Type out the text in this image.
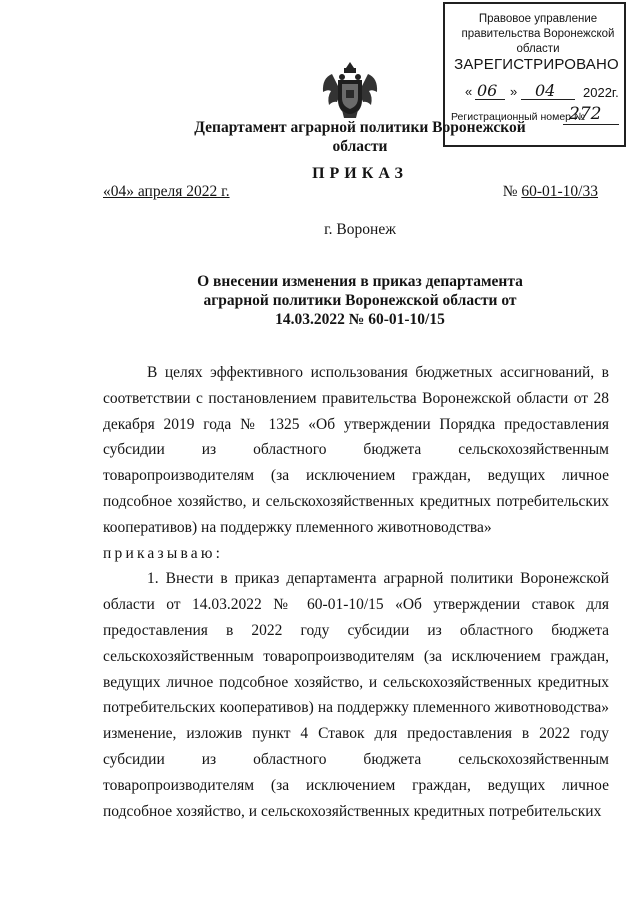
Правовое управление правительства Воронежской области
ЗАРЕГИСТРИРОВАНО
« 06 » 04 2022г.
Регистрационный номер №
272
Департамент аграрной политики Воронежской области
ПРИКАЗ
«04» апреля 2022 г.	№ 60-01-10/33
г. Воронеж
О внесении изменения в приказ департамента аграрной политики Воронежской области от 14.03.2022 № 60-01-10/15

В целях эффективного использования бюджетных ассигнований, в соответствии с постановлением правительства Воронежской области от 28 декабря 2019 года № 1325 «Об утверждении Порядка предоставления субсидии из областного бюджета сельскохозяйственным товаропроизводителям (за исключением граждан, ведущих личное подсобное хозяйство, и сельскохозяйственных кредитных потребительских кооперативов) на поддержку племенного животноводства»

приказываю:

1. Внести в приказ департамента аграрной политики Воронежской области от 14.03.2022 № 60-01-10/15 «Об утверждении ставок для предоставления в 2022 году субсидии из областного бюджета сельскохозяйственным товаропроизводителям (за исключением граждан, ведущих личное подсобное хозяйство, и сельскохозяйственных кредитных потребительских кооперативов) на поддержку племенного животноводства» изменение, изложив пункт 4 Ставок для предоставления в 2022 году субсидии из областного бюджета сельскохозяйственным товаропроизводителям (за исключением граждан, ведущих личное подсобное хозяйство, и сельскохозяйственных кредитных потребительских
